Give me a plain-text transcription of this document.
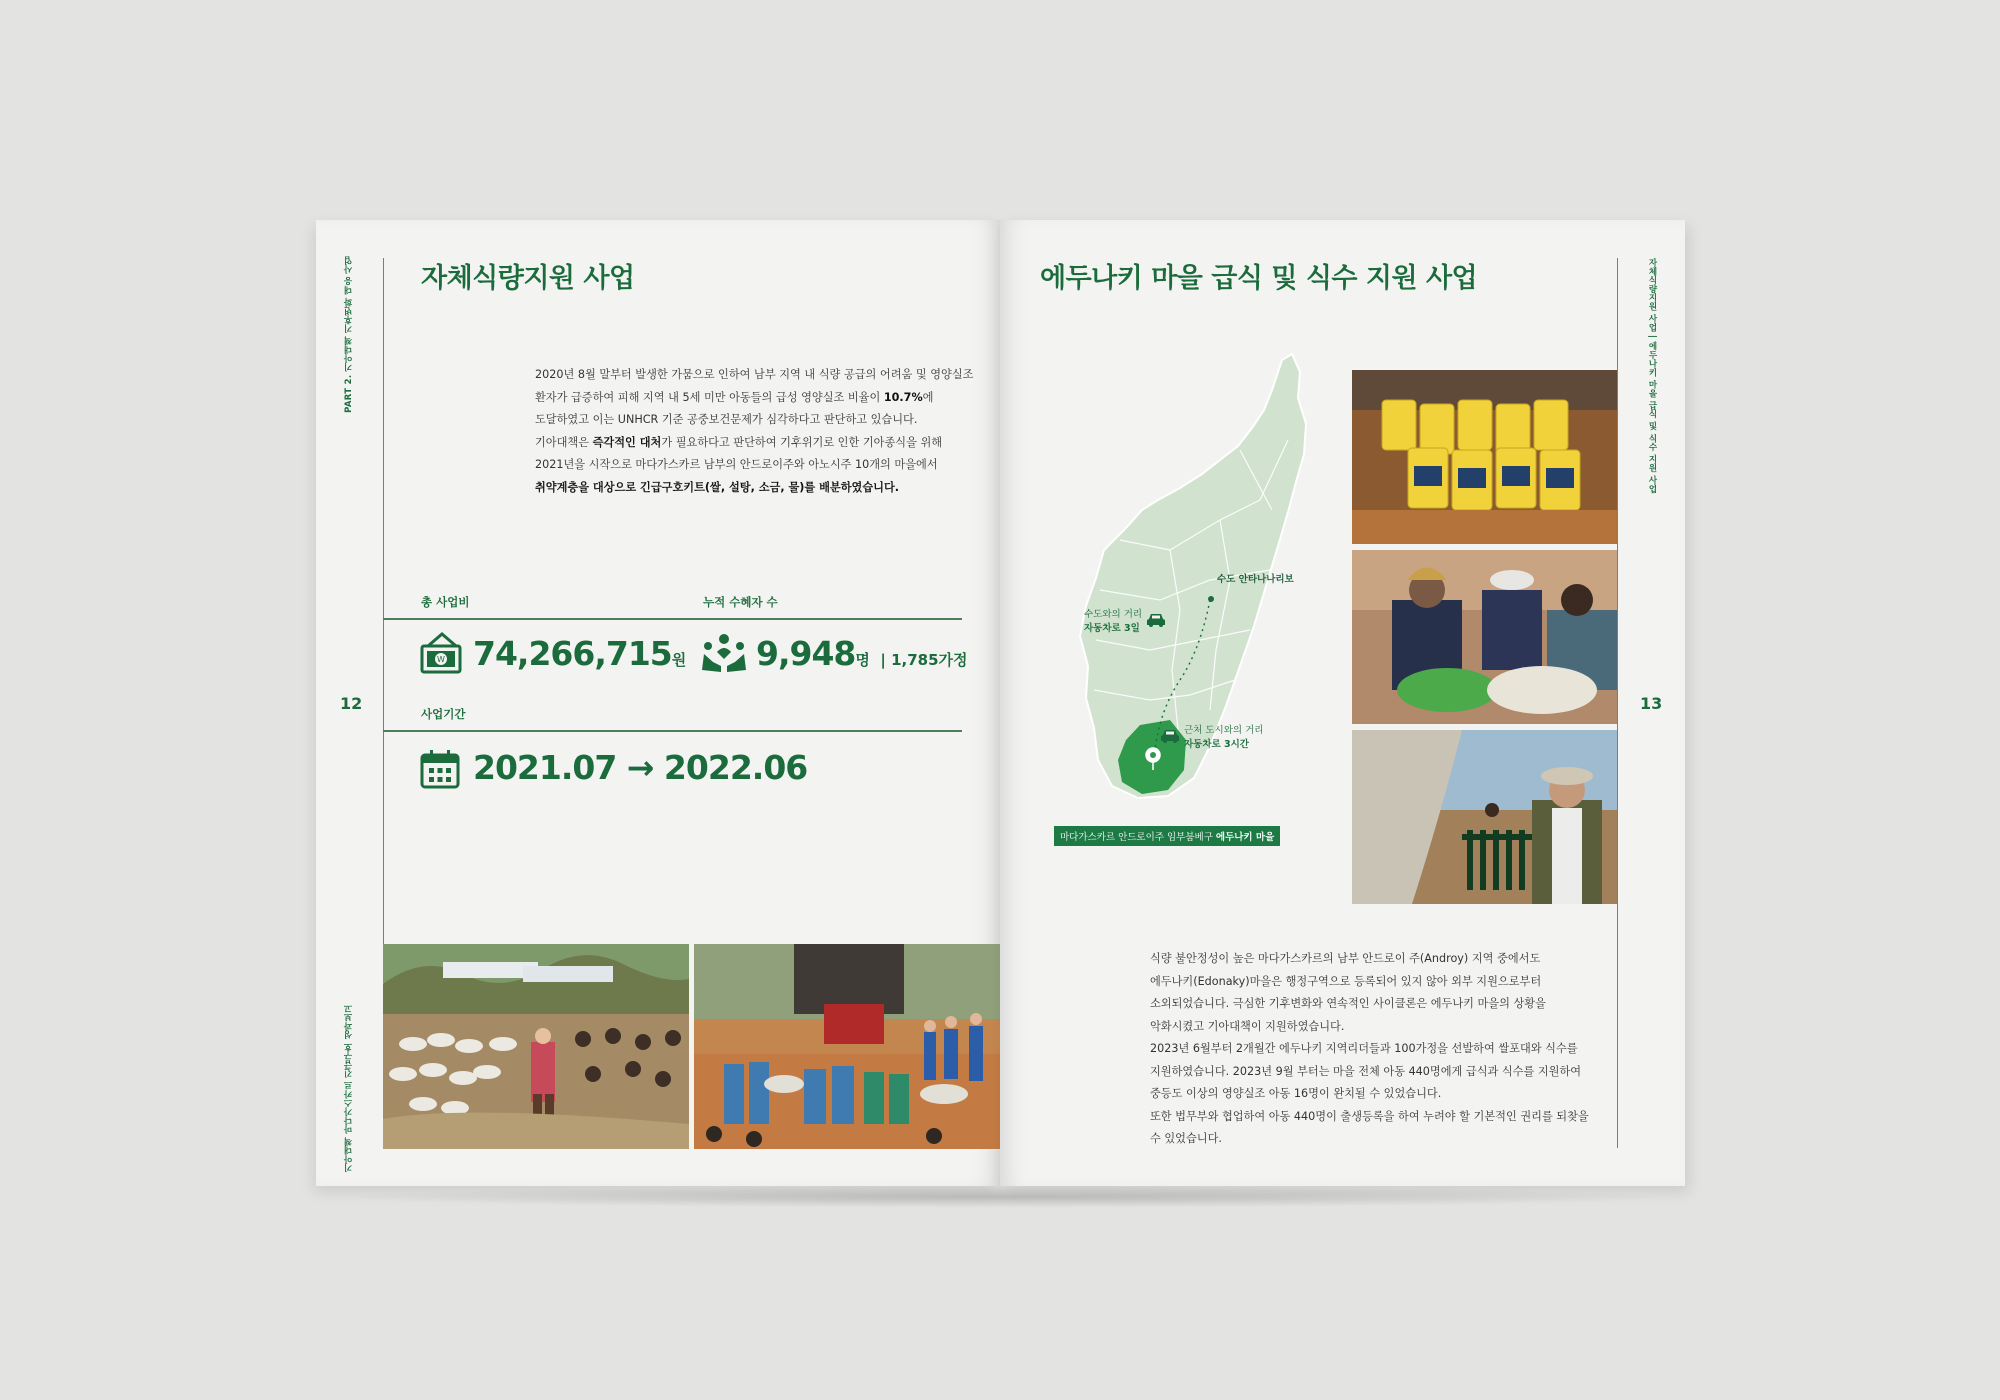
PART 2. 기아대책 기후변화 대응 사업
기아대책 마다가스카르 긴급구호 성과보고
12
자체식량지원 사업

2020년 8월 말부터 발생한 가뭄으로 인하여 남부 지역 내 식량 공급의 어려움 및 영양실조

환자가 급증하여 피해 지역 내 5세 미만 아동들의 급성 영양실조 비율이 10.7%에

도달하였고 이는 UNHCR 기준 공중보건문제가 심각하다고 판단하고 있습니다.

기아대책은 즉각적인 대처가 필요하다고 판단하여 기후위기로 인한 기아종식을 위해

2021년을 시작으로 마다가스카르 남부의 안드로이주와 아노시주 10개의 마을에서

취약계층을 대상으로 긴급구호키트(쌀, 설탕, 소금, 물)를 배분하였습니다.

총 사업비	누적 수혜자 수
W 74,266,715원 9,948명 | 1,785가정
사업기간
2021.07 → 2022.06
에두나키 마을 급식 및 식수 지원 사업	자체식량지원 사업 | 에두나키 마을 급식 및 식수 지원 사업
13
수도 안타나나리보
수도와의 거리
자동차로 3일
근처 도시와의 거리
자동차로 3시간
마다가스카르 안드로이주 임부붐베구 에두나키 마을

식량 불안정성이 높은 마다가스카르의 남부 안드로이 주(Androy) 지역 중에서도

에두나키(Edonaky)마을은 행정구역으로 등록되어 있지 않아 외부 지원으로부터

소외되었습니다. 극심한 기후변화와 연속적인 사이클론은 에두나키 마을의 상황을

악화시켰고 기아대책이 지원하였습니다.

2023년 6월부터 2개월간 에두나키 지역리더들과 100가정을 선발하여 쌀포대와 식수를

지원하였습니다. 2023년 9월 부터는 마을 전체 아동 440명에게 급식과 식수를 지원하여

중등도 이상의 영양실조 아동 16명이 완치될 수 있었습니다.

또한 법무부와 협업하여 아동 440명이 출생등록을 하여 누려야 할 기본적인 권리를 되찾을

수 있었습니다.
